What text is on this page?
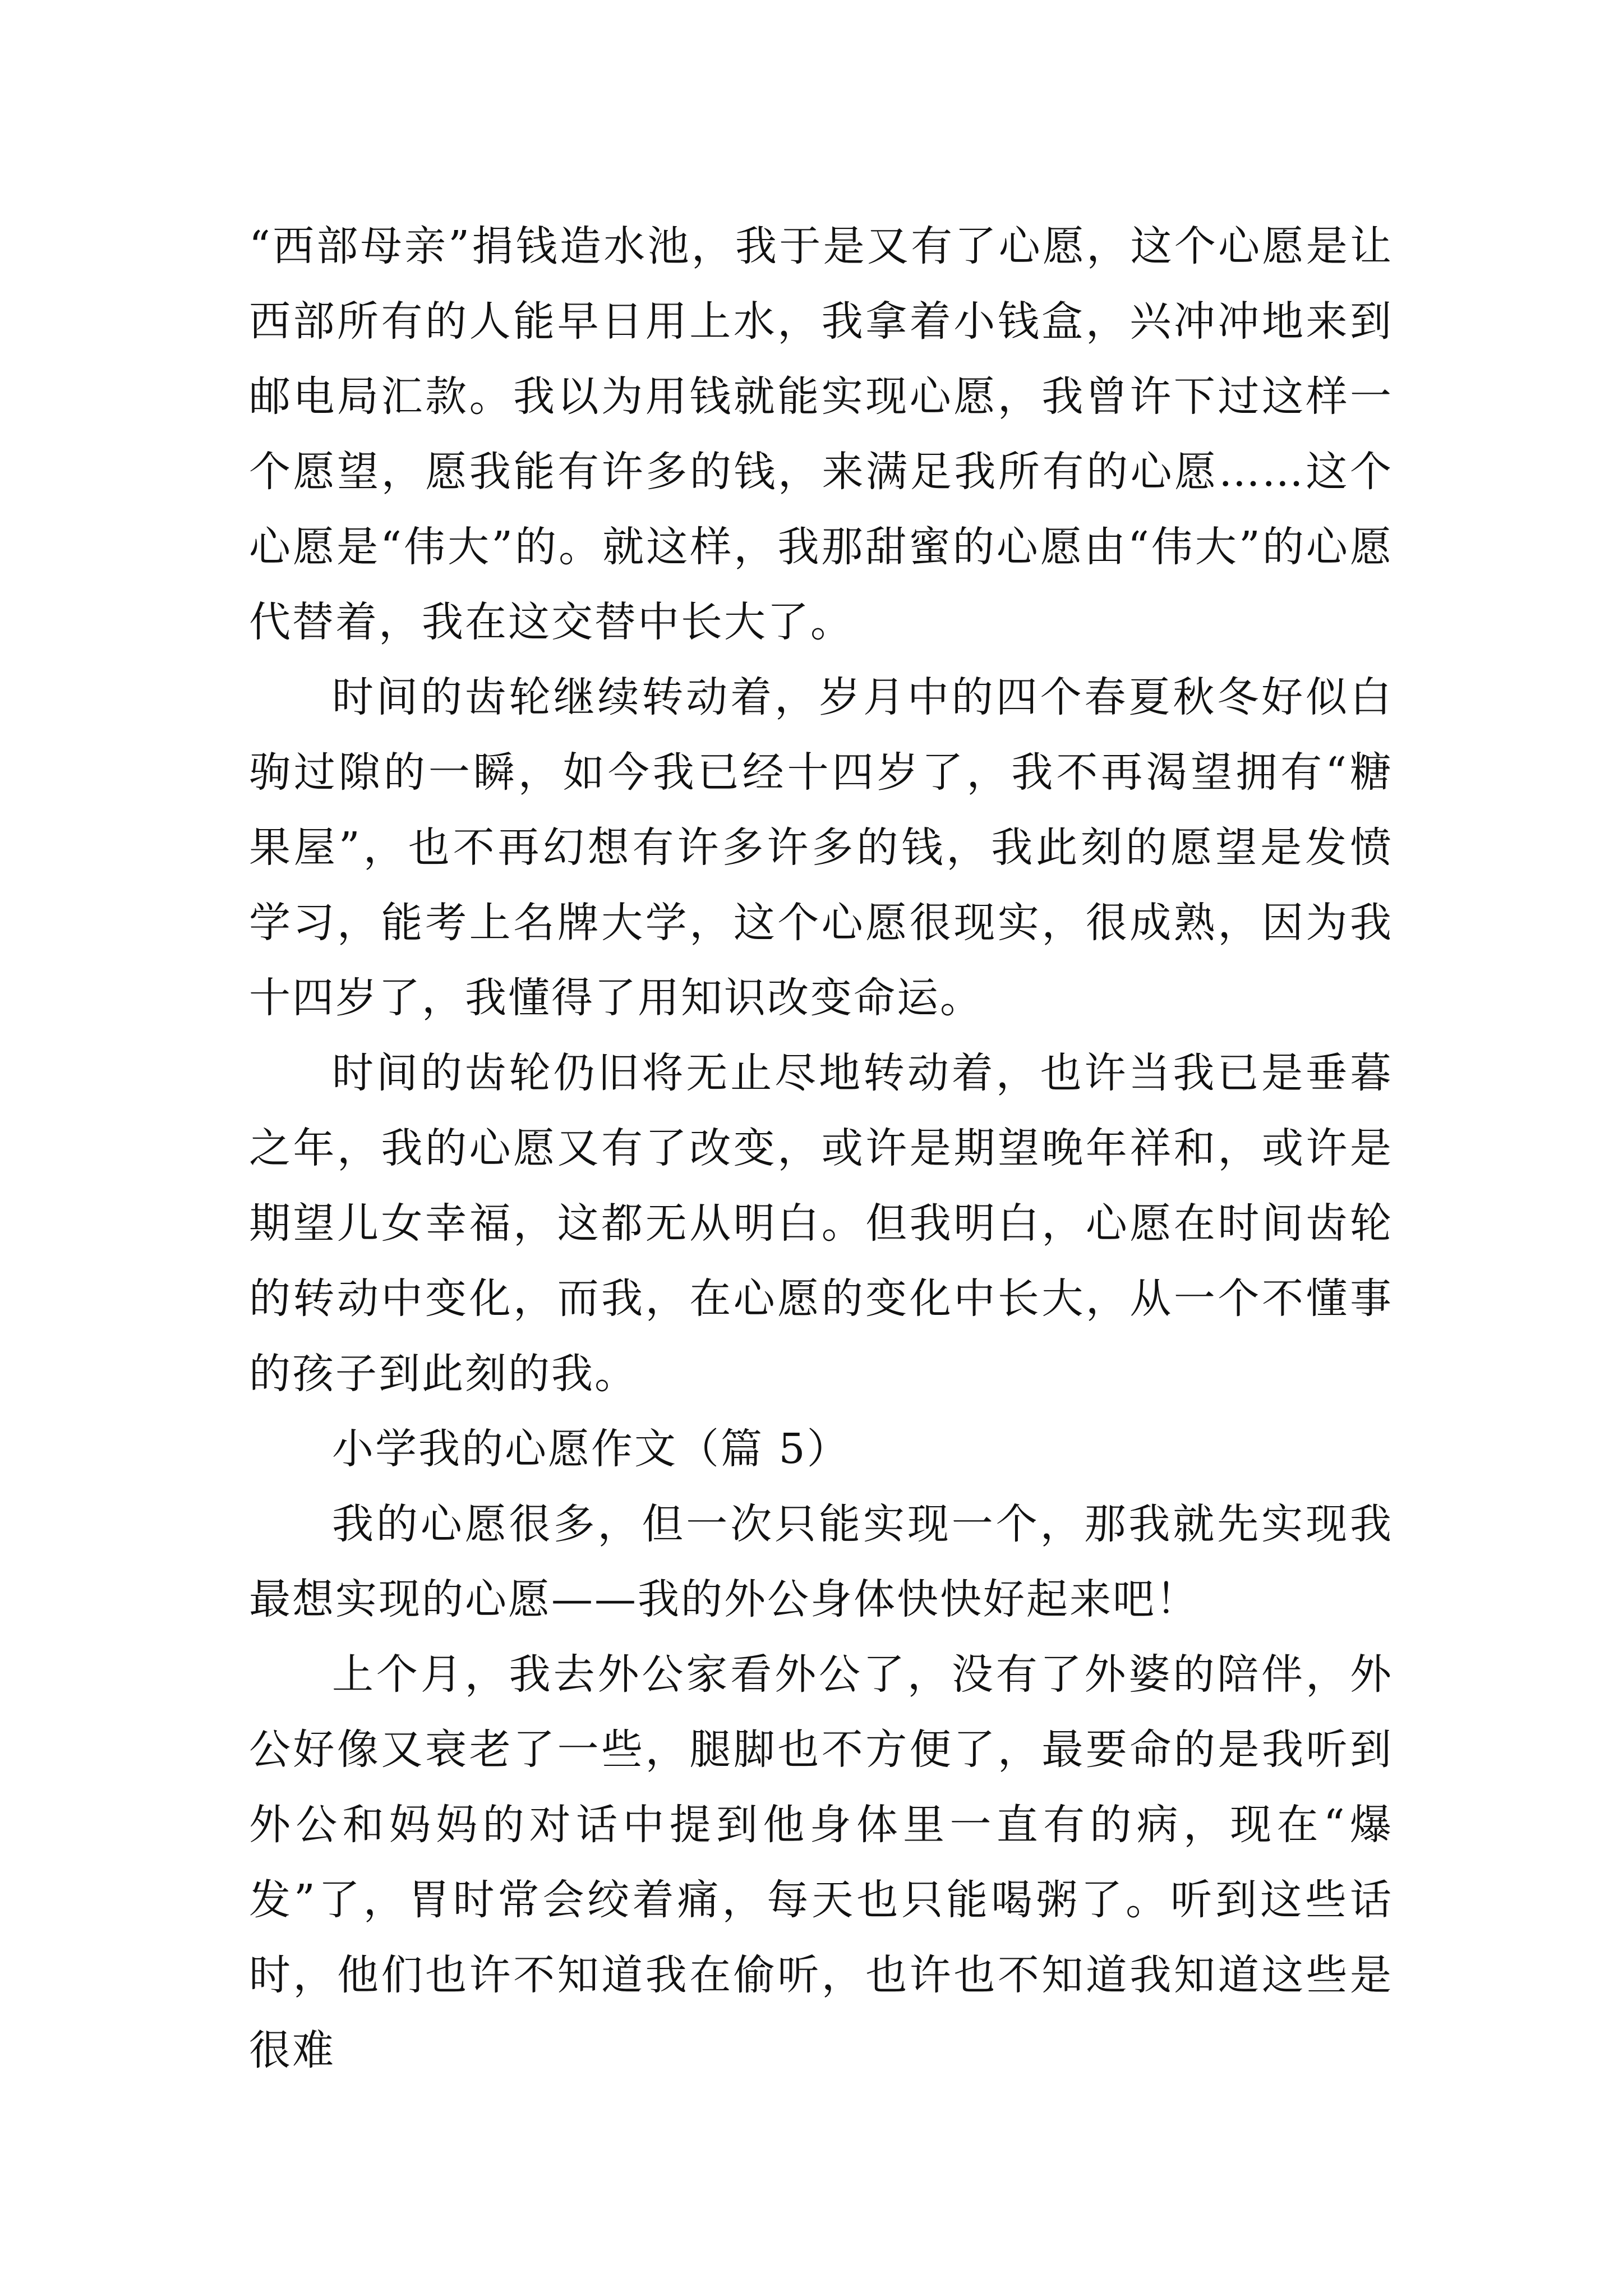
“西部母亲”捐钱造水池，我于是又有了心愿，这个心愿是让西部所有的人能早日用上水，我拿着小钱盒，兴冲冲地来到邮电局汇款。我以为用钱就能实现心愿，我曾许下过这样一个愿望，愿我能有许多的钱，来满足我所有的心愿……这个心愿是“伟大”的。就这样，我那甜蜜的心愿由“伟大”的心愿代替着，我在这交替中长大了。

时间的齿轮继续转动着，岁月中的四个春夏秋冬好似白驹过隙的一瞬，如今我已经十四岁了，我不再渴望拥有“糖果屋”，也不再幻想有许多许多的钱，我此刻的愿望是发愤学习，能考上名牌大学，这个心愿很现实，很成熟，因为我十四岁了，我懂得了用知识改变命运。

时间的齿轮仍旧将无止尽地转动着，也许当我已是垂暮之年，我的心愿又有了改变，或许是期望晚年祥和，或许是期望儿女幸福，这都无从明白。但我明白，心愿在时间齿轮的转动中变化，而我，在心愿的变化中长大，从一个不懂事的孩子到此刻的我。

小学我的心愿作文（篇 5）

我的心愿很多，但一次只能实现一个，那我就先实现我最想实现的心愿——我的外公身体快快好起来吧！

上个月，我去外公家看外公了，没有了外婆的陪伴，外公好像又衰老了一些，腿脚也不方便了，最要命的是我听到外公和妈妈的对话中提到他身体里一直有的病，现在“爆发”了，胃时常会绞着痛，每天也只能喝粥了。听到这些话时，他们也许不知道我在偷听，也许也不知道我知道这些是很难
